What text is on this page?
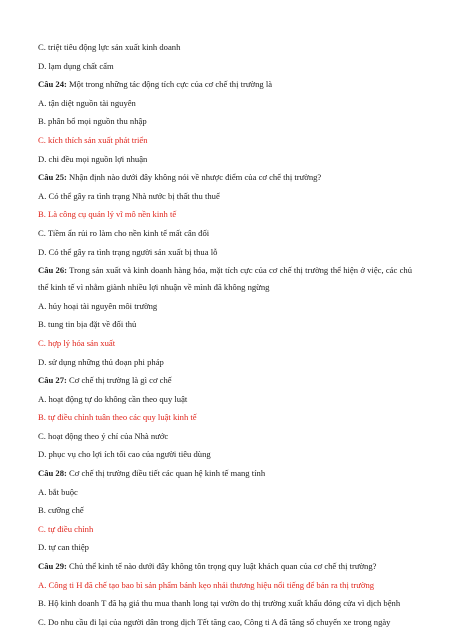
C. triệt tiêu động lực sản xuất kinh doanh
D. lạm dụng chất cấm
Câu 24: Một trong những tác động tích cực của cơ chế thị trường là
A. tận diệt nguồn tài nguyên
B. phân bổ mọi nguồn thu nhập
C. kích thích sản xuất phát triển
D. chi đều mọi nguồn lợi nhuận
Câu 25: Nhận định nào dưới đây không nói về nhược điểm của cơ chế thị trường?
A. Có thể gây ra tình trạng Nhà nước bị thất thu thuế
B. Là công cụ quản lý vĩ mô nền kinh tế
C. Tiềm ẩn rủi ro làm cho nền kinh tế mất cân đối
D. Có thể gây ra tình trạng người sản xuất bị thua lỗ
Câu 26: Trong sản xuất và kinh doanh hàng hóa, mặt tích cực của cơ chế thị trường thể hiện ở việc, các chủ thể kinh tế vì nhằm giành nhiều lợi nhuận về mình đã không ngừng
A. hủy hoại tài nguyên môi trường
B. tung tin bịa đặt về đối thủ
C. hợp lý hóa sản xuất
D. sử dụng những thủ đoạn phi pháp
Câu 27: Cơ chế thị trường là gì cơ chế
A. hoạt động tự do không cần theo quy luật
B. tự điều chỉnh tuân theo các quy luật kinh tế
C. hoạt động theo ý chí của Nhà nước
D. phục vụ cho lợi ích tối cao của người tiêu dùng
Câu 28: Cơ chế thị trường điều tiết các quan hệ kinh tế mang tính
A. bắt buộc
B. cưỡng chế
C. tự điều chỉnh
D. tự can thiệp
Câu 29: Chủ thể kinh tế nào dưới đây không tôn trọng quy luật khách quan của cơ chế thị trường?
A. Công ti H đã chế tạo bao bì sản phẩm bánh kẹo nhái thương hiệu nổi tiếng để bán ra thị trường
B. Hộ kinh doanh T đã hạ giá thu mua thanh long tại vườn do thị trường xuất khẩu đóng cửa vì dịch bệnh
C. Do nhu cầu đi lại của người dân trong dịch Tết tăng cao, Công ti A đã tăng số chuyến xe trong ngày
